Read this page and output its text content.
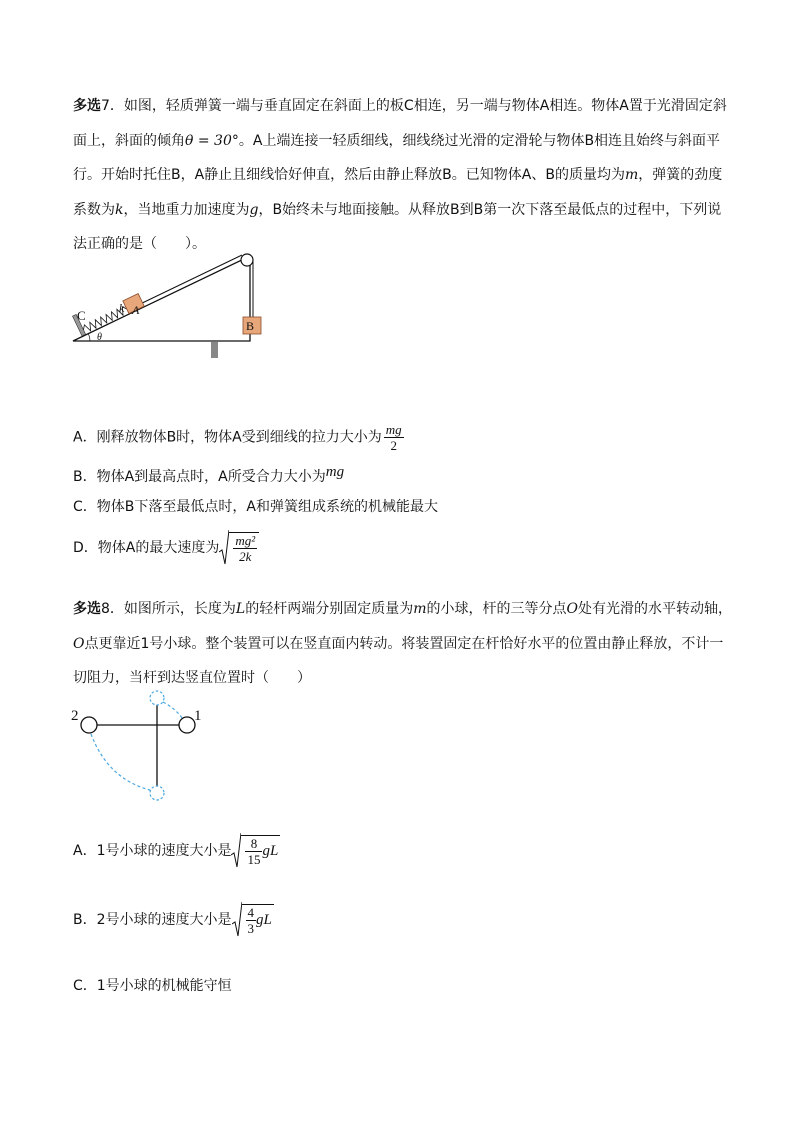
多选7．如图，轻质弹簧一端与垂直固定在斜面上的板C相连，另一端与物体A相连。物体A置于光滑固定斜面上，斜面的倾角θ = 30°。A上端连接一轻质细线，细线绕过光滑的定滑轮与物体B相连且始终与斜面平行。开始时托住B，A静止且细线恰好伸直，然后由静止释放B。已知物体A、B的质量均为m，弹簧的劲度系数为k，当地重力加速度为g，B始终未与地面接触。从释放B到B第一次下落至最低点的过程中，下列说法正确的是（　　）。
C	k A
B
θ
A．刚释放物体B时，物体A受到细线的拉力大小为 $\frac{mg}{2}$
B．物体A到最高点时，A所受合力大小为mg
C．物体B下落至最低点时，A和弹簧组成系统的机械能最大
D．物体A的最大速度为 $\frac{\text{mg²}}{2k}$
多选8．如图所示，长度为L的轻杆两端分别固定质量为m的小球，杆的三等分点O处有光滑的水平转动轴，O点更靠近1号小球。整个装置可以在竖直面内转动。将装置固定在杆恰好水平的位置由静止释放，不计一切阻力，当杆到达竖直位置时（　　）
2	1
A．1号小球的速度大小是 $\frac{8}{15}$ gL
B．2号小球的速度大小是 $\frac{4}{3}$ gL
C．1号小球的机械能守恒
